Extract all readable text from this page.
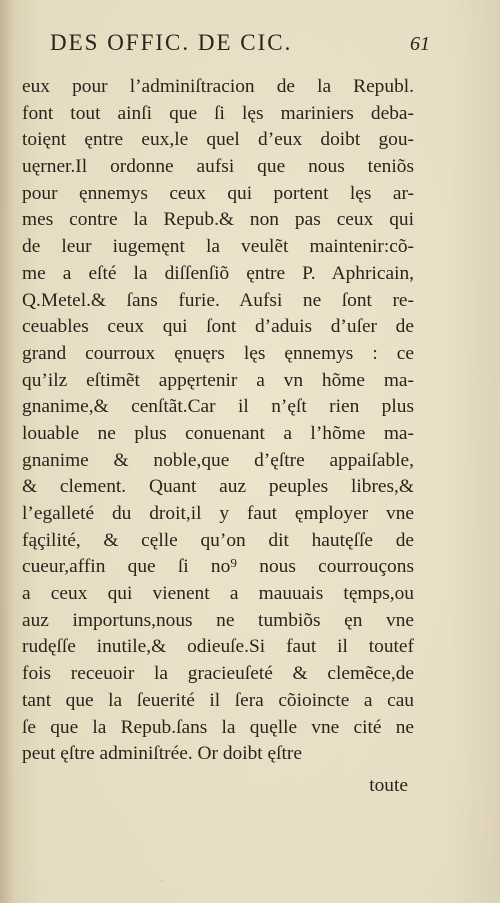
DES OFFIC. DE CIC.	61
eux pour l’adminiſtracion de la Republ.
font tout ainſi que ſi lęs mariniers deba-
toięnt ęntre eux,le quel d’eux doibt gou-
uęrner.Il ordonne aufsi que nous teniõs
pour ęnnemys ceux qui portent lęs ar-
mes contre la Repub.& non pas ceux qui
de leur iugemęnt la veulẽt maintenir:cõ-
me a eſté la diſſenſiõ ęntre P. Aphricain,
Q.Metel.& ſans furie. Aufsi ne ſont re-
ceuables ceux qui ſont d’aduis d’uſer de
grand courroux ęnuęrs lęs ęnnemys : ce
qu’ilz eſtimẽt appęrtenir a vn hõme ma-
gnanime,& cenſtãt.Car il n’ęſt rien plus
louable ne plus conuenant a l’hõme ma-
gnanime & noble,que d’ęſtre appaiſable,
& clement. Quant auz peuples libres,&
l’egalleté du droit,il y faut ęmployer vne
fąçilité, & cęlle qu’on dit hautęſſe de
cueur,affin que ſi no⁹ nous courrouçons
a ceux qui vienent a mauuais tęmps,ou
auz importuns,nous ne tumbiõs ęn vne
rudęſſe inutile,& odieuſe.Si faut il toutef
fois receuoir la gracieuſeté & clemẽce,de
tant que la ſeuerité il ſera cõioincte a cau
ſe que la Repub.ſans la quęlle vne cité ne
peut ęſtre adminiſtrée. Or doibt ęſtre
toute
ˊ
